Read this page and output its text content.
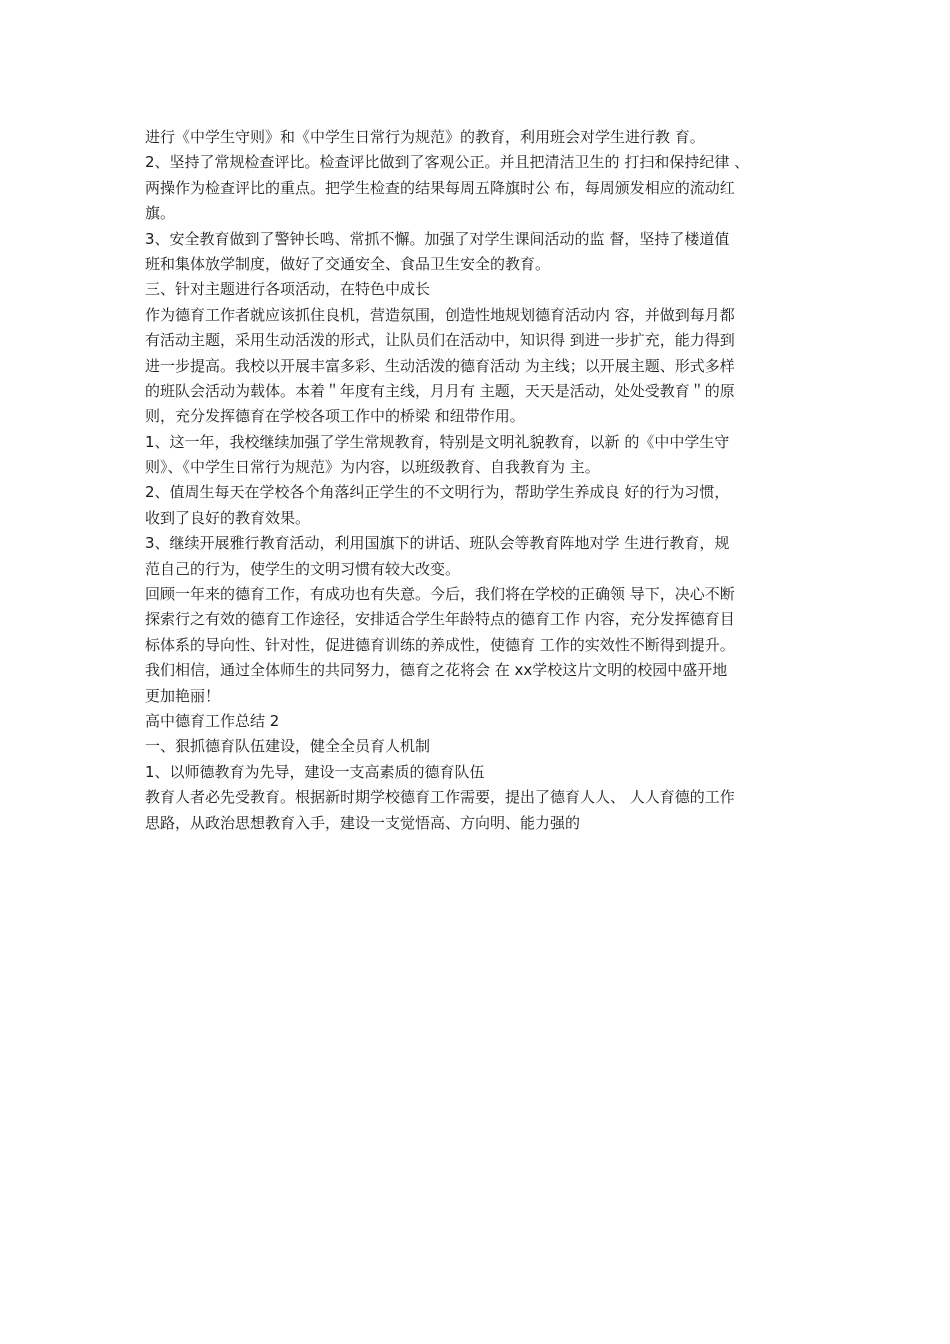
进行《中学生守则》和《中学生日常行为规范》的教育，利用班会对学生进行教 育。
2、坚持了常规检查评比。检查评比做到了客观公正。并且把清洁卫生的 打扫和保持纪律 、
两操作为检查评比的重点。把学生检查的结果每周五降旗时公 布，每周颁发相应的流动红
旗。
3、安全教育做到了警钟长鸣、常抓不懈。加强了对学生课间活动的监 督，坚持了楼道值
班和集体放学制度，做好了交通安全、食品卫生安全的教育。
三、针对主题进行各项活动，在特色中成长
作为德育工作者就应该抓住良机，营造氛围，创造性地规划德育活动内 容，并做到每月都
有活动主题，采用生动活泼的形式，让队员们在活动中，知识得 到进一步扩充，能力得到
进一步提高。我校以开展丰富多彩、生动活泼的德育活动 为主线；以开展主题、形式多样
的班队会活动为载体。本着＂年度有主线，月月有 主题，天天是活动，处处受教育＂的原
则，充分发挥德育在学校各项工作中的桥梁 和纽带作用。
1、这一年，我校继续加强了学生常规教育，特别是文明礼貌教育，以新 的《中中学生守
则》、《中学生日常行为规范》为内容，以班级教育、自我教育为 主。
2、值周生每天在学校各个角落纠正学生的不文明行为，帮助学生养成良 好的行为习惯，
收到了良好的教育效果。
3、继续开展雅行教育活动，利用国旗下的讲话、班队会等教育阵地对学 生进行教育，规
范自己的行为，使学生的文明习惯有较大改变。
回顾一年来的德育工作，有成功也有失意。今后，我们将在学校的正确领 导下，决心不断
探索行之有效的德育工作途径，安排适合学生年龄特点的德育工作 内容，充分发挥德育目
标体系的导向性、针对性，促进德育训练的养成性，使德育 工作的实效性不断得到提升。
我们相信，通过全体师生的共同努力，德育之花将会 在 xx学校这片文明的校园中盛开地
更加艳丽！
高中德育工作总结 2
一、狠抓德育队伍建设，健全全员育人机制
1、以师德教育为先导，建设一支高素质的德育队伍
教育人者必先受教育。根据新时期学校德育工作需要，提出了德育人人、 人人育德的工作
思路，从政治思想教育入手，建设一支觉悟高、方向明、能力强的
